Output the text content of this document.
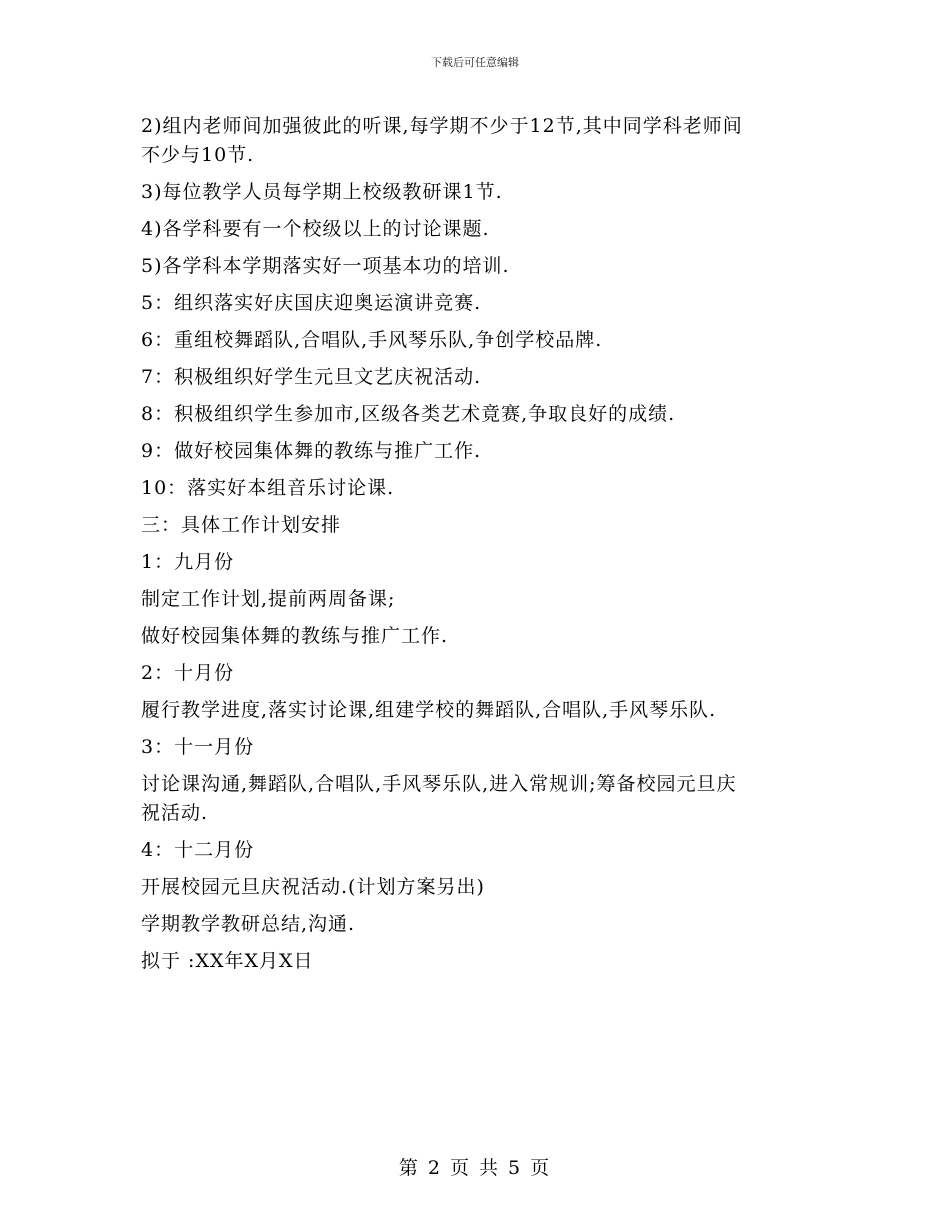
下载后可任意编辑
2)组内老师间加强彼此的听课,每学期不少于12节,其中同学科老师间
不少与10节.
3)每位教学人员每学期上校级教研课1节.
4)各学科要有一个校级以上的讨论课题.
5)各学科本学期落实好一项基本功的培训.
5：组织落实好庆国庆迎奥运演讲竞赛.
6：重组校舞蹈队,合唱队,手风琴乐队,争创学校品牌.
7：积极组织好学生元旦文艺庆祝活动.
8：积极组织学生参加市,区级各类艺术竟赛,争取良好的成绩.
9：做好校园集体舞的教练与推广工作.
10：落实好本组音乐讨论课.
三：具体工作计划安排
1：九月份
制定工作计划,提前两周备课;
做好校园集体舞的教练与推广工作.
2：十月份
履行教学进度,落实讨论课,组建学校的舞蹈队,合唱队,手风琴乐队.
3：十一月份
讨论课沟通,舞蹈队,合唱队,手风琴乐队,进入常规训;筹备校园元旦庆
祝活动.
4：十二月份
开展校园元旦庆祝活动.(计划方案另出)
学期教学教研总结,沟通.
拟于 :XX年X月X日
第 2 页 共 5 页
